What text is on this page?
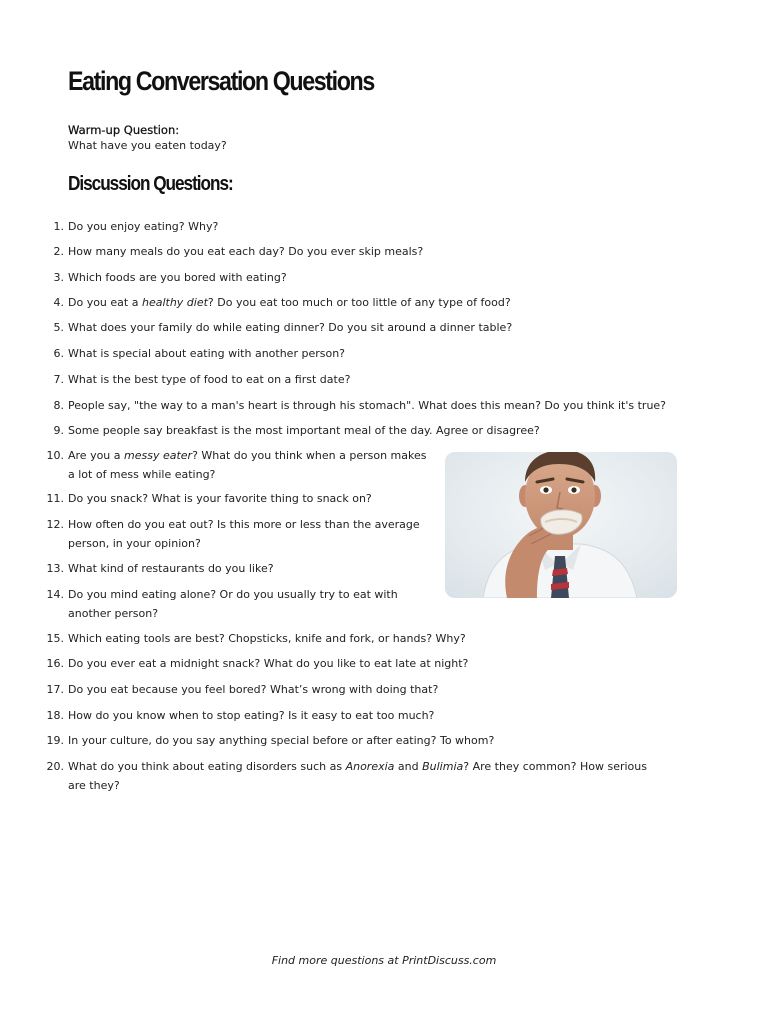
Eating Conversation Questions
Warm-up Question:
What have you eaten today?
Discussion Questions:
1. Do you enjoy eating? Why?
2. How many meals do you eat each day? Do you ever skip meals?
3. Which foods are you bored with eating?
4. Do you eat a healthy diet? Do you eat too much or too little of any type of food?
5. What does your family do while eating dinner? Do you sit around a dinner table?
6. What is special about eating with another person?
7. What is the best type of food to eat on a first date?
8. People say, "the way to a man's heart is through his stomach". What does this mean? Do you think it's true?
9. Some people say breakfast is the most important meal of the day. Agree or disagree?
10. Are you a messy eater? What do you think when a person makes a lot of mess while eating?
11. Do you snack? What is your favorite thing to snack on?
12. How often do you eat out? Is this more or less than the average person, in your opinion?
13. What kind of restaurants do you like?
14. Do you mind eating alone? Or do you usually try to eat with another person?
15. Which eating tools are best? Chopsticks, knife and fork, or hands? Why?
16. Do you ever eat a midnight snack? What do you like to eat late at night?
17. Do you eat because you feel bored? What’s wrong with doing that?
18. How do you know when to stop eating? Is it easy to eat too much?
19. In your culture, do you say anything special before or after eating? To whom?
20. What do you think about eating disorders such as Anorexia and Bulimia? Are they common? How serious are they?
Find more questions at PrintDiscuss.com
